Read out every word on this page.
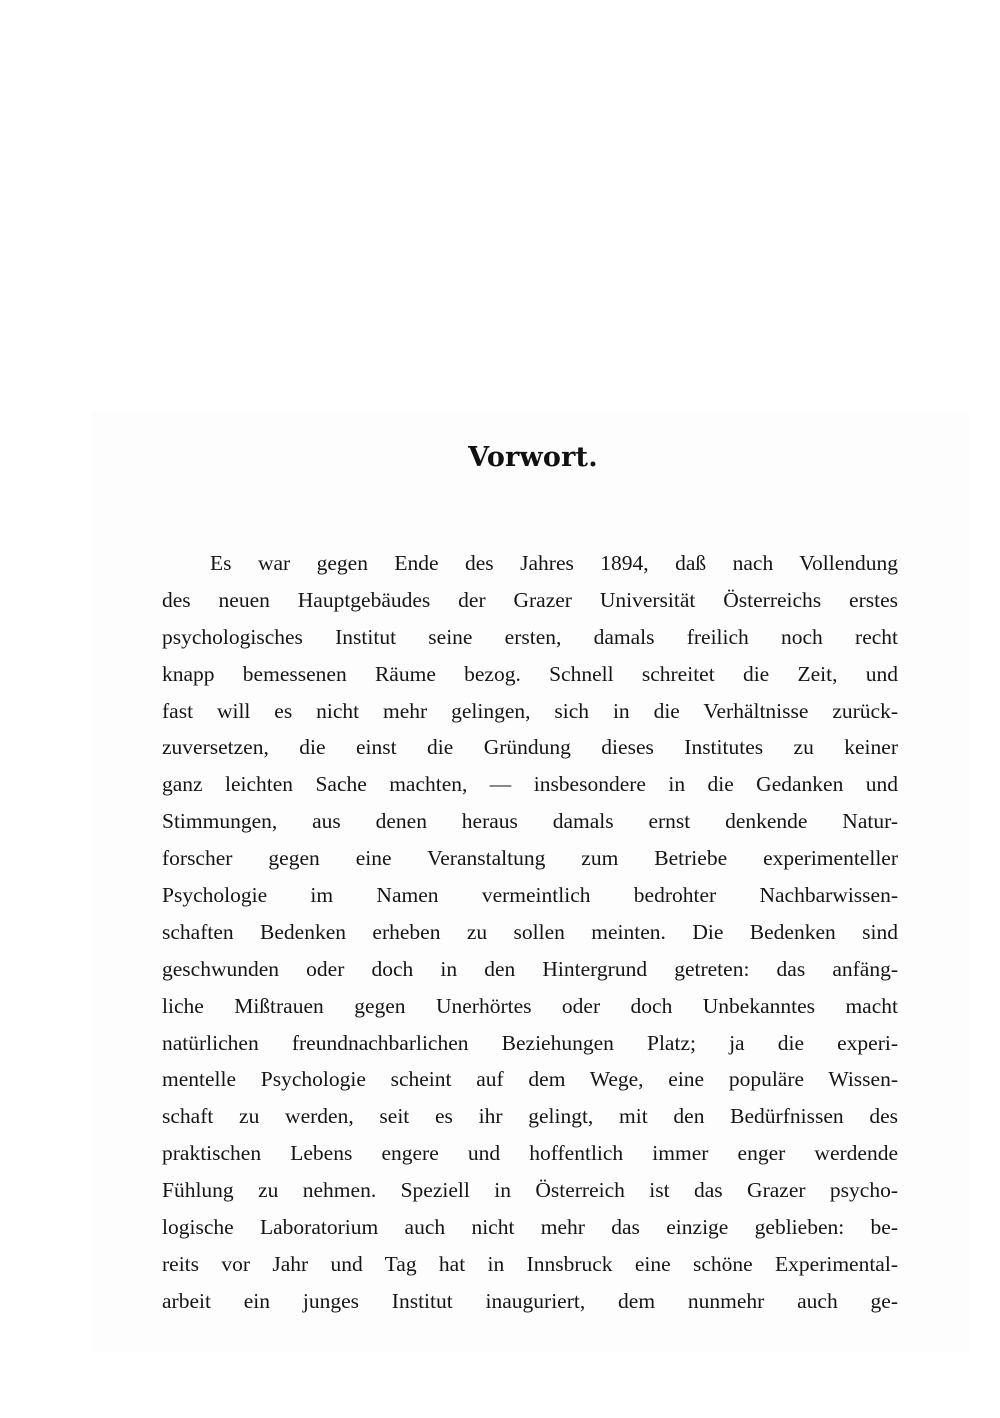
Vorwort.
Es war gegen Ende des Jahres 1894, daß nach Vollendung
des neuen Hauptgebäudes der Grazer Universität Österreichs erstes
psychologisches Institut seine ersten, damals freilich noch recht
knapp bemessenen Räume bezog. Schnell schreitet die Zeit, und
fast will es nicht mehr gelingen, sich in die Verhältnisse zurück-
zuversetzen, die einst die Gründung dieses Institutes zu keiner
ganz leichten Sache machten, — insbesondere in die Gedanken und
Stimmungen, aus denen heraus damals ernst denkende Natur-
forscher gegen eine Veranstaltung zum Betriebe experimenteller
Psychologie im Namen vermeintlich bedrohter Nachbarwissen-
schaften Bedenken erheben zu sollen meinten. Die Bedenken sind
geschwunden oder doch in den Hintergrund getreten: das anfäng-
liche Mißtrauen gegen Unerhörtes oder doch Unbekanntes macht
natürlichen freundnachbarlichen Beziehungen Platz; ja die experi-
mentelle Psychologie scheint auf dem Wege, eine populäre Wissen-
schaft zu werden, seit es ihr gelingt, mit den Bedürfnissen des
praktischen Lebens engere und hoffentlich immer enger werdende
Fühlung zu nehmen. Speziell in Österreich ist das Grazer psycho-
logische Laboratorium auch nicht mehr das einzige geblieben: be-
reits vor Jahr und Tag hat in Innsbruck eine schöne Experimental-
arbeit ein junges Institut inauguriert, dem nunmehr auch ge-
